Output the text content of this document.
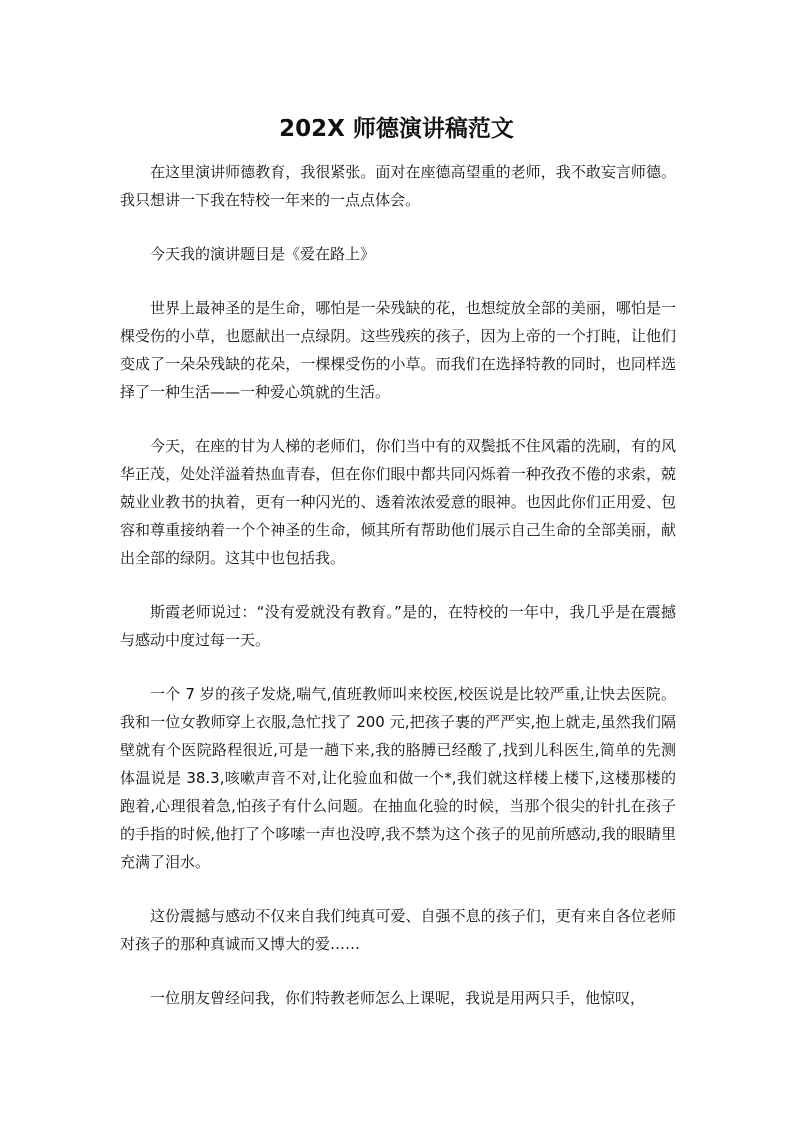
202X 师德演讲稿范文

在这里演讲师德教育，我很紧张。面对在座德高望重的老师，我不敢妄言师德。我只想讲一下我在特校一年来的一点点体会。

今天我的演讲题目是《爱在路上》

世界上最神圣的是生命，哪怕是一朵残缺的花，也想绽放全部的美丽，哪怕是一棵受伤的小草，也愿献出一点绿阴。这些残疾的孩子，因为上帝的一个打盹，让他们变成了一朵朵残缺的花朵，一棵棵受伤的小草。而我们在选择特教的同时，也同样选择了一种生活——一种爱心筑就的生活。

今天，在座的甘为人梯的老师们，你们当中有的双鬓抵不住风霜的洗刷，有的风华正茂，处处洋溢着热血青春，但在你们眼中都共同闪烁着一种孜孜不倦的求索，兢兢业业教书的执着，更有一种闪光的、透着浓浓爱意的眼神。也因此你们正用爱、包容和尊重接纳着一个个神圣的生命，倾其所有帮助他们展示自己生命的全部美丽，献出全部的绿阴。这其中也包括我。

斯霞老师说过：“没有爱就没有教育。”是的，在特校的一年中，我几乎是在震撼与感动中度过每一天。

一个 7 岁的孩子发烧,喘气,值班教师叫来校医,校医说是比较严重,让快去医院。我和一位女教师穿上衣服,急忙找了 200 元,把孩子裹的严严实,抱上就走,虽然我们隔壁就有个医院路程很近,可是一趟下来,我的胳膊已经酸了,找到儿科医生,简单的先测体温说是 38.3,咳嗽声音不对,让化验血和做一个*,我们就这样楼上楼下,这楼那楼的跑着,心理很着急,怕孩子有什么问题。在抽血化验的时候，当那个很尖的针扎在孩子的手指的时候,他打了个哆嗦一声也没哼,我不禁为这个孩子的见前所感动,我的眼睛里充满了泪水。

这份震撼与感动不仅来自我们纯真可爱、自强不息的孩子们，更有来自各位老师对孩子的那种真诚而又博大的爱……

一位朋友曾经问我，你们特教老师怎么上课呢，我说是用两只手，他惊叹，
